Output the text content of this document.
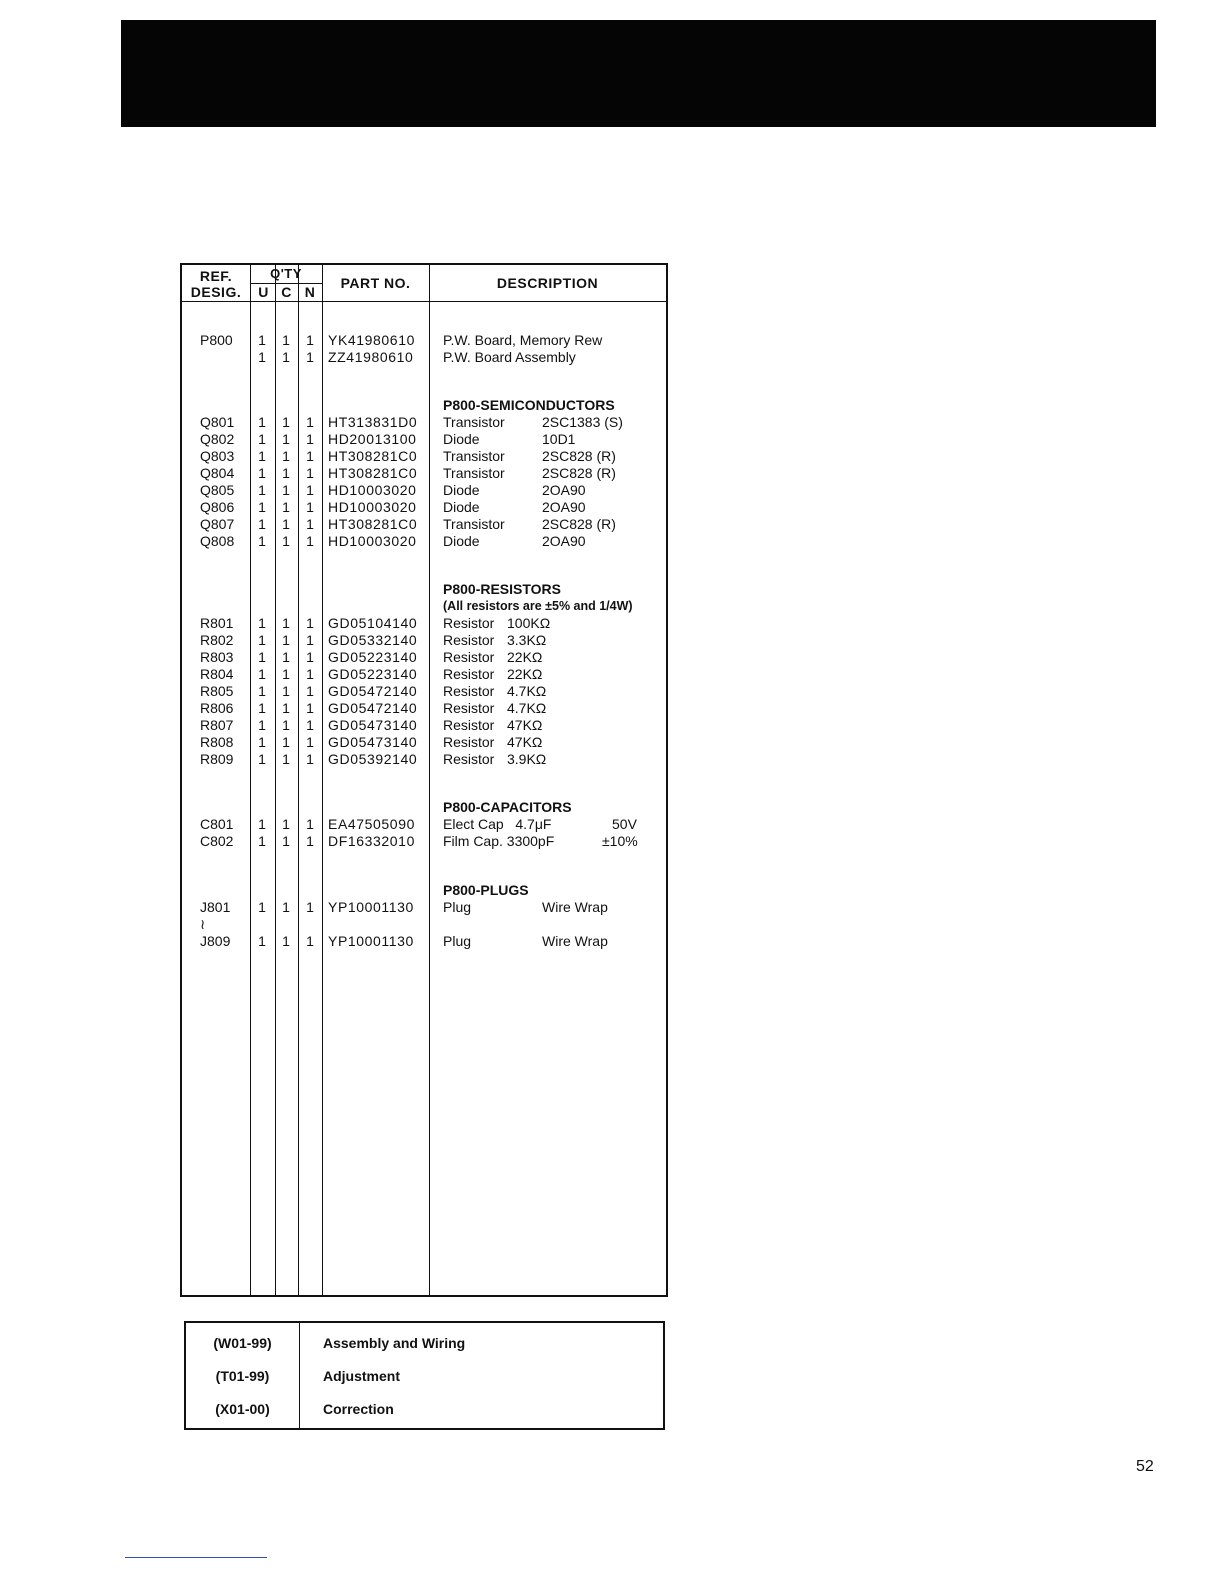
REF.
DESIG.
Q'TY
U C N
PART NO.	DESCRIPTION
P800	1 1 1 YK41980610 P.W. Board, Memory Rew
1 1 1 ZZ41980610 P.W. Board Assembly
P800-SEMICONDUCTORS
Q801	1 1 1 HT313831D0 Transistor	2SC1383 (S)
Q802	1 1 1 HD20013100 Diode	10D1
Q803	1 1 1 HT308281C0 Transistor	2SC828 (R)
Q804	1 1 1 HT308281C0 Transistor	2SC828 (R)
Q805	1 1 1 HD10003020 Diode	2OA90
Q806	1 1 1 HD10003020 Diode	2OA90
Q807	1 1 1 HT308281C0 Transistor	2SC828 (R)
Q808	1 1 1 HD10003020 Diode	2OA90
P800-RESISTORS
(All resistors are ±5% and 1/4W)
R801	1 1 1 GD05104140 Resistor 100KΩ
R802	1 1 1 GD05332140 Resistor 3.3KΩ
R803	1 1 1 GD05223140 Resistor 22KΩ
R804	1 1 1 GD05223140 Resistor 22KΩ
R805	1 1 1 GD05472140 Resistor 4.7KΩ
R806	1 1 1 GD05472140 Resistor 4.7KΩ
R807	1 1 1 GD05473140 Resistor 47KΩ
R808	1 1 1 GD05473140 Resistor 47KΩ
R809	1 1 1 GD05392140 Resistor 3.9KΩ
P800-CAPACITORS
C801	1 1 1 EA47505090 Elect Cap   4.7μF	50V
C802	1 1 1 DF16332010 Film Cap. 3300pF	±10%
P800-PLUGS
J801	1 1 1 YP10001130 Plug	Wire Wrap
≀
J809	1 1 1 YP10001130 Plug	Wire Wrap
(W01-99)	Assembly and Wiring
(T01-99)	Adjustment
(X01-00)	Correction
52
